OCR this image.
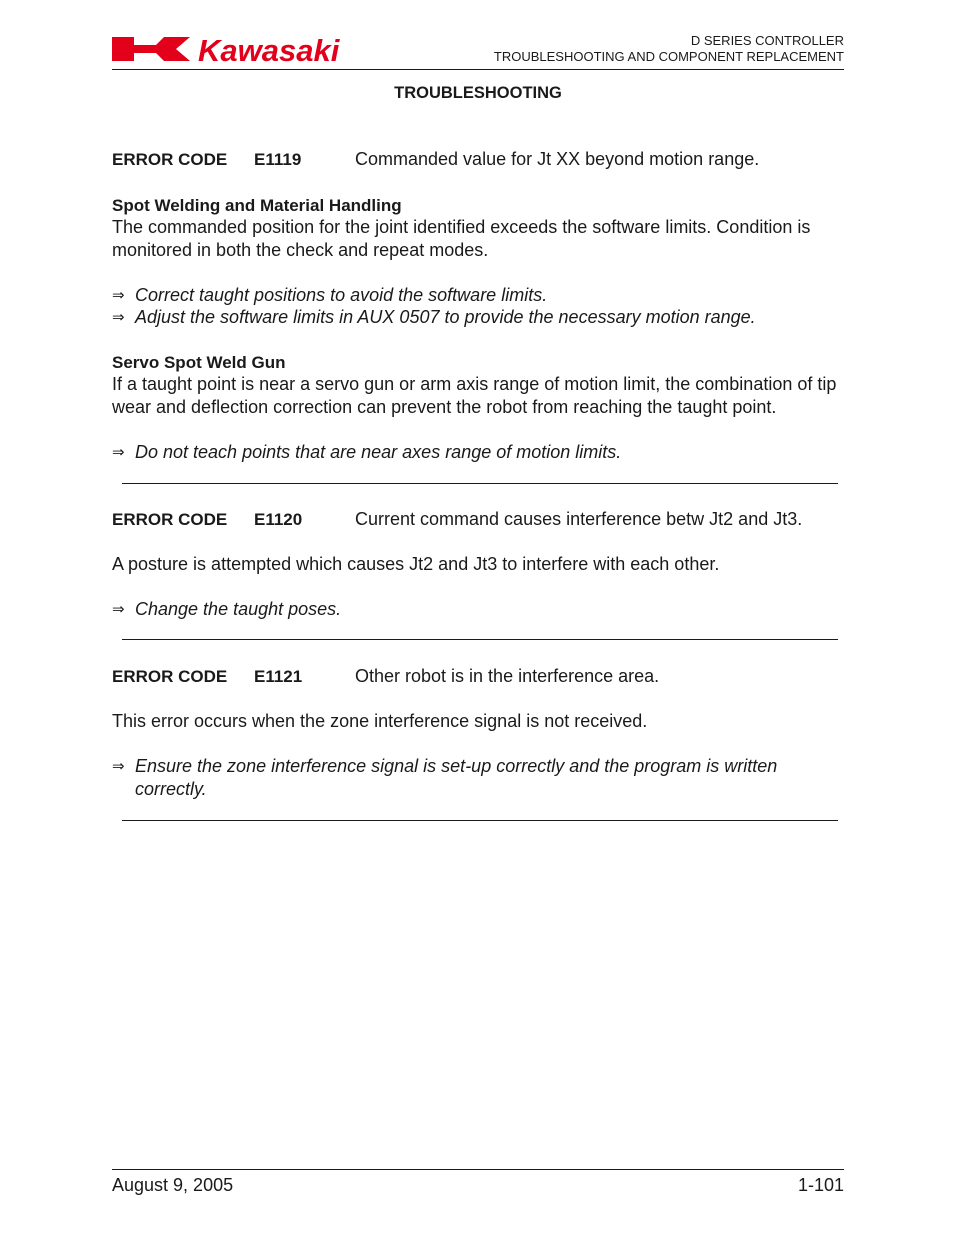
Kawasaki	D SERIES CONTROLLER
TROUBLESHOOTING AND COMPONENT REPLACEMENT
TROUBLESHOOTING
ERROR CODE E1119	Commanded value for Jt XX beyond motion range.
Spot Welding and Material Handling
The commanded position for the joint identified exceeds the software limits. Condition is monitored in both the check and repeat modes.
⇒ Correct taught positions to avoid the software limits.
⇒ Adjust the software limits in AUX 0507 to provide the necessary motion range.
Servo Spot Weld Gun
If a taught point is near a servo gun or arm axis range of motion limit, the combination of tip wear and deflection correction can prevent the robot from reaching the taught point.
⇒ Do not teach points that are near axes range of motion limits.
ERROR CODE E1120	Current command causes interference betw Jt2 and Jt3.
A posture is attempted which causes Jt2 and Jt3 to interfere with each other.
⇒ Change the taught poses.
ERROR CODE E1121	Other robot is in the interference area.
This error occurs when the zone interference signal is not received.
⇒ Ensure the zone interference signal is set-up correctly and the program is written correctly.
August 9, 2005	1-101
